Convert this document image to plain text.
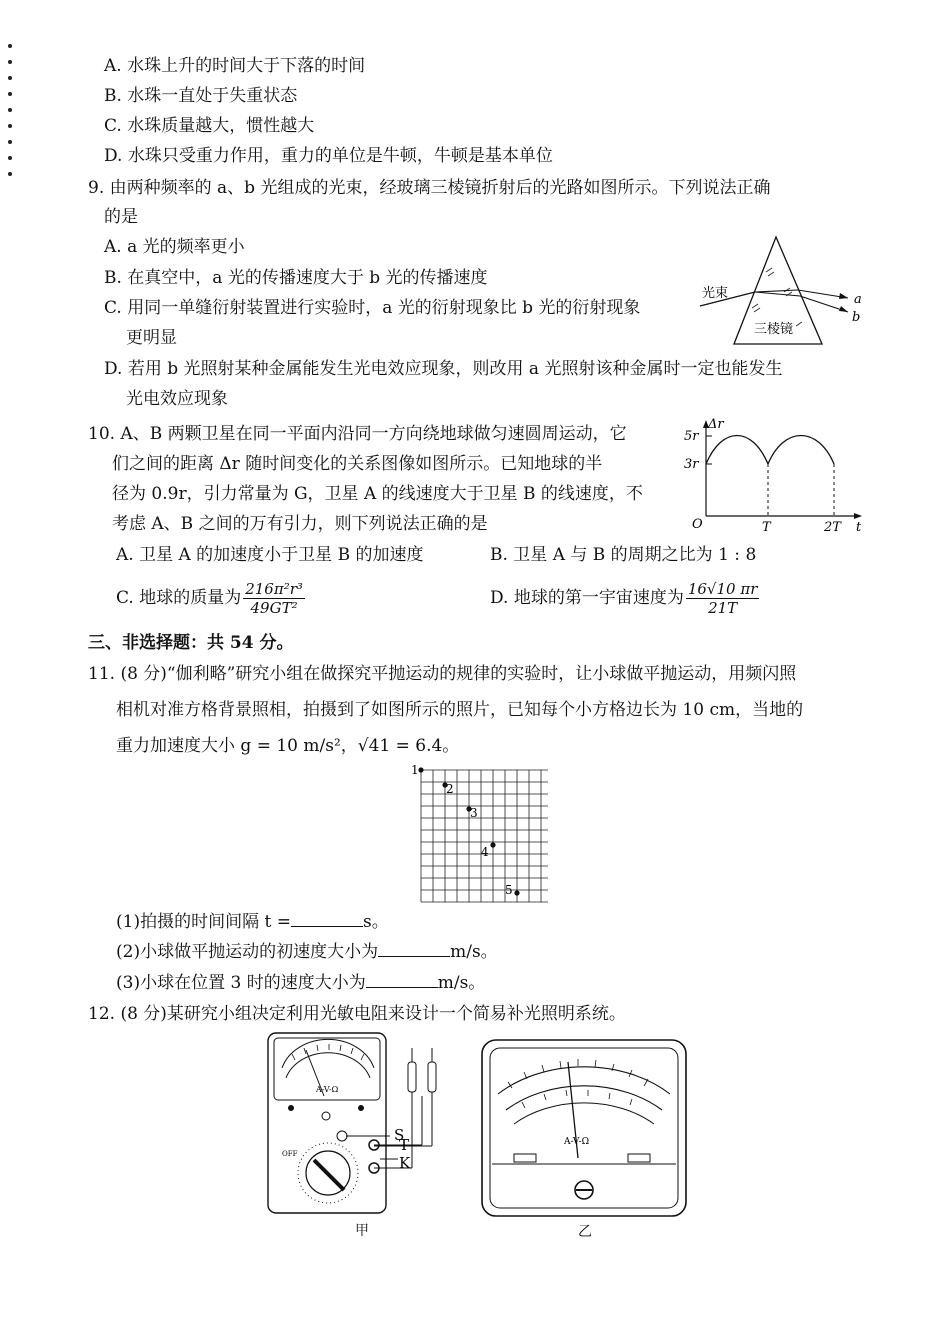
A. 水珠上升的时间大于下落的时间
B. 水珠一直处于失重状态
C. 水珠质量越大，惯性越大
D. 水珠只受重力作用，重力的单位是牛顿，牛顿是基本单位
9. 由两种频率的 a、b 光组成的光束，经玻璃三棱镜折射后的光路如图所示。下列说法正确
的是
A. a 光的频率更小
B. 在真空中，a 光的传播速度大于 b 光的传播速度
C. 用同一单缝衍射装置进行实验时，a 光的衍射现象比 b 光的衍射现象
更明显
D. 若用 b 光照射某种金属能发生光电效应现象，则改用 a 光照射该种金属时一定也能发生
光电效应现象
光束
三棱镜
a
b
10. A、B 两颗卫星在同一平面内沿同一方向绕地球做匀速圆周运动，它
们之间的距离 Δr 随时间变化的关系图像如图所示。已知地球的半
径为 0.9r，引力常量为 G，卫星 A 的线速度大于卫星 B 的线速度，不
考虑 A、B 之间的万有引力，则下列说法正确的是
A. 卫星 A 的加速度小于卫星 B 的加速度	B. 卫星 A 与 B 的周期之比为 1 : 8
C. 地球的质量为 $\frac{\text{216π²r³}}{\text{49GT²}}$	D. 地球的第一宇宙速度为 $\frac{16√10 \pi r}{21T}$
Δr
t
O
5r
3r
T	2T
三、非选择题：共 54 分。
11. (8 分)“伽利略”研究小组在做探究平抛运动的规律的实验时，让小球做平抛运动，用频闪照
相机对准方格背景照相，拍摄到了如图所示的照片，已知每个小方格边长为 10 cm，当地的
重力加速度大小 g = 10 m/s²，√41 = 6.4。
1
2
3
4
5
(1)拍摄的时间间隔 t =	s。
(2)小球做平抛运动的初速度大小为	m/s。
(3)小球在位置 3 时的速度大小为	m/s。
12. (8 分)某研究小组决定利用光敏电阻来设计一个简易补光照明系统。
A-V-Ω
OFF
S
T
K
甲
A-V-Ω
乙
